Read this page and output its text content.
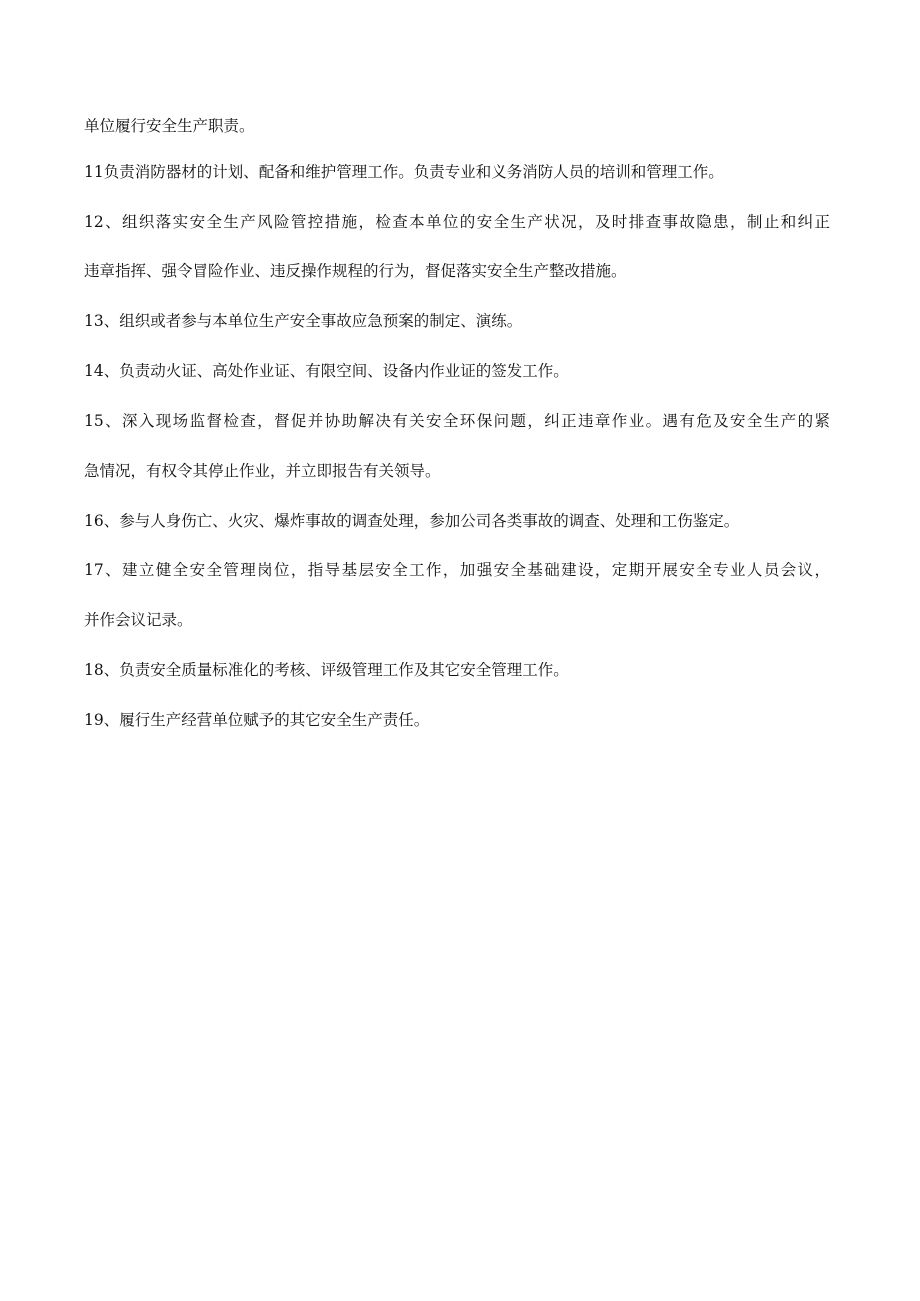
单位履行安全生产职责。
11负责消防器材的计划、配备和维护管理工作。负责专业和义务消防人员的培训和管理工作。
12、组织落实安全生产风险管控措施，检查本单位的安全生产状况，及时排查事故隐患，制止和纠正
违章指挥、强令冒险作业、违反操作规程的行为，督促落实安全生产整改措施。
13、组织或者参与本单位生产安全事故应急预案的制定、演练。
14、负责动火证、高处作业证、有限空间、设备内作业证的签发工作。
15、深入现场监督检查，督促并协助解决有关安全环保问题，纠正违章作业。遇有危及安全生产的紧
急情况，有权令其停止作业，并立即报告有关领导。
16、参与人身伤亡、火灾、爆炸事故的调查处理，参加公司各类事故的调查、处理和工伤鉴定。
17、建立健全安全管理岗位，指导基层安全工作，加强安全基础建设，定期开展安全专业人员会议，
并作会议记录。
18、负责安全质量标准化的考核、评级管理工作及其它安全管理工作。
19、履行生产经营单位赋予的其它安全生产责任。
